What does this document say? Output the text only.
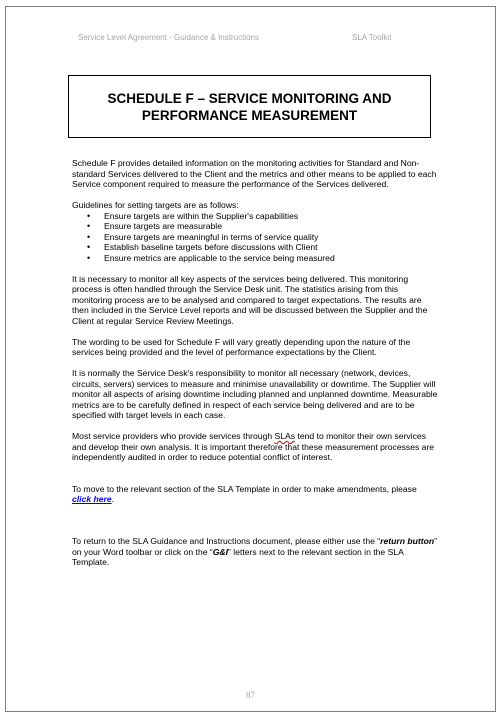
Service Level Agreement - Guidance & Instructions	SLA Toolkit
SCHEDULE F – SERVICE MONITORING AND
PERFORMANCE MEASUREMENT

Schedule F provides detailed information on the monitoring activities for Standard and Non-standard Services delivered to the Client and the metrics and other means to be applied to each Service component required to measure the performance of the Services delivered.

Guidelines for setting targets are as follows:
• Ensure targets are within the Supplier's capabilities
• Ensure targets are measurable
• Ensure targets are meaningful in terms of service quality
• Establish baseline targets before discussions with Client
• Ensure metrics are applicable to the service being measured

It is necessary to monitor all key aspects of the services being delivered. This monitoring process is often handled through the Service Desk unit. The statistics arising from this monitoring process are to be analysed and compared to target expectations. The results are then included in the Service Level reports and will be discussed between the Supplier and the Client at regular Service Review Meetings.

The wording to be used for Schedule F will vary greatly depending upon the nature of the services being provided and the level of performance expectations by the Client.

It is normally the Service Desk's responsibility to monitor all necessary (network, devices, circuits, servers) services to measure and minimise unavailability or downtime. The Supplier will monitor all aspects of arising downtime including planned and unplanned downtime. Measurable metrics are to be carefully defined in respect of each service being delivered and are to be specified with target levels in each case.

Most service providers who provide services through SLAs tend to monitor their own services and develop their own analysis. It is important therefore that these measurement processes are independently audited in order to reduce potential conflict of interest.

To move to the relevant section of the SLA Template in order to make amendments, please click here.

To return to the SLA Guidance and Instructions document, please either use the “return button” on your Word toolbar or click on the “G&I” letters next to the relevant section in the SLA Template.

87
